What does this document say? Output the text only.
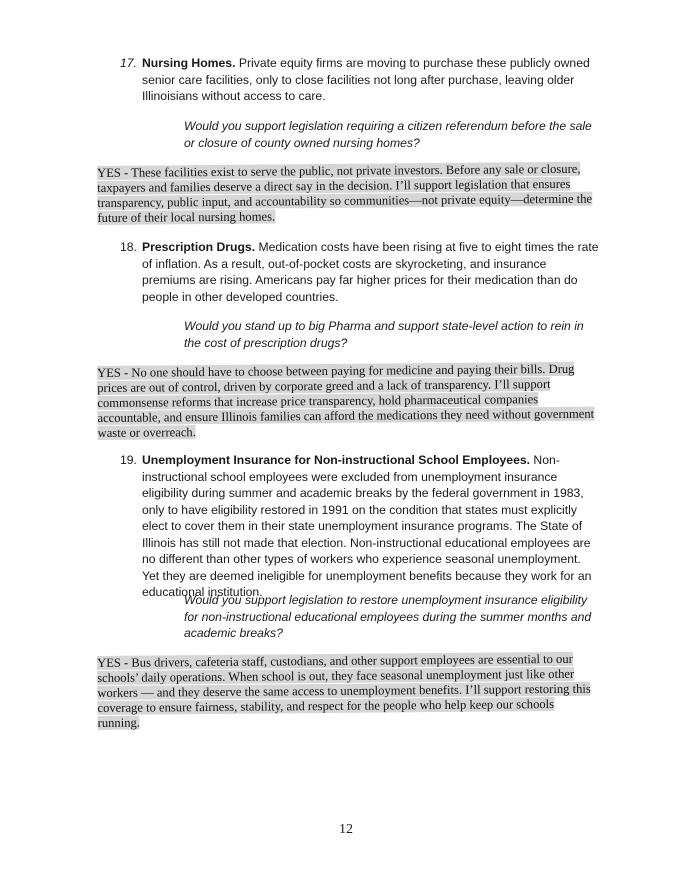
17. Nursing Homes. Private equity firms are moving to purchase these publicly owned senior care facilities, only to close facilities not long after purchase, leaving older Illinoisians without access to care.
Would you support legislation requiring a citizen referendum before the sale or closure of county owned nursing homes?
YES - These facilities exist to serve the public, not private investors. Before any sale or closure, taxpayers and families deserve a direct say in the decision. I’ll support legislation that ensures transparency, public input, and accountability so communities—not private equity—determine the future of their local nursing homes.
18. Prescription Drugs. Medication costs have been rising at five to eight times the rate of inflation. As a result, out-of-pocket costs are skyrocketing, and insurance premiums are rising. Americans pay far higher prices for their medication than do people in other developed countries.
Would you stand up to big Pharma and support state-level action to rein in the cost of prescription drugs?
YES - No one should have to choose between paying for medicine and paying their bills. Drug prices are out of control, driven by corporate greed and a lack of transparency. I’ll support commonsense reforms that increase price transparency, hold pharmaceutical companies accountable, and ensure Illinois families can afford the medications they need without government waste or overreach.
19. Unemployment Insurance for Non-instructional School Employees. Non-instructional school employees were excluded from unemployment insurance eligibility during summer and academic breaks by the federal government in 1983, only to have eligibility restored in 1991 on the condition that states must explicitly elect to cover them in their state unemployment insurance programs. The State of Illinois has still not made that election. Non-instructional educational employees are no different than other types of workers who experience seasonal unemployment. Yet they are deemed ineligible for unemployment benefits because they work for an educational institution.
Would you support legislation to restore unemployment insurance eligibility for non-instructional educational employees during the summer months and academic breaks?
YES - Bus drivers, cafeteria staff, custodians, and other support employees are essential to our schools’ daily operations. When school is out, they face seasonal unemployment just like other workers — and they deserve the same access to unemployment benefits. I’ll support restoring this coverage to ensure fairness, stability, and respect for the people who help keep our schools running.
12
